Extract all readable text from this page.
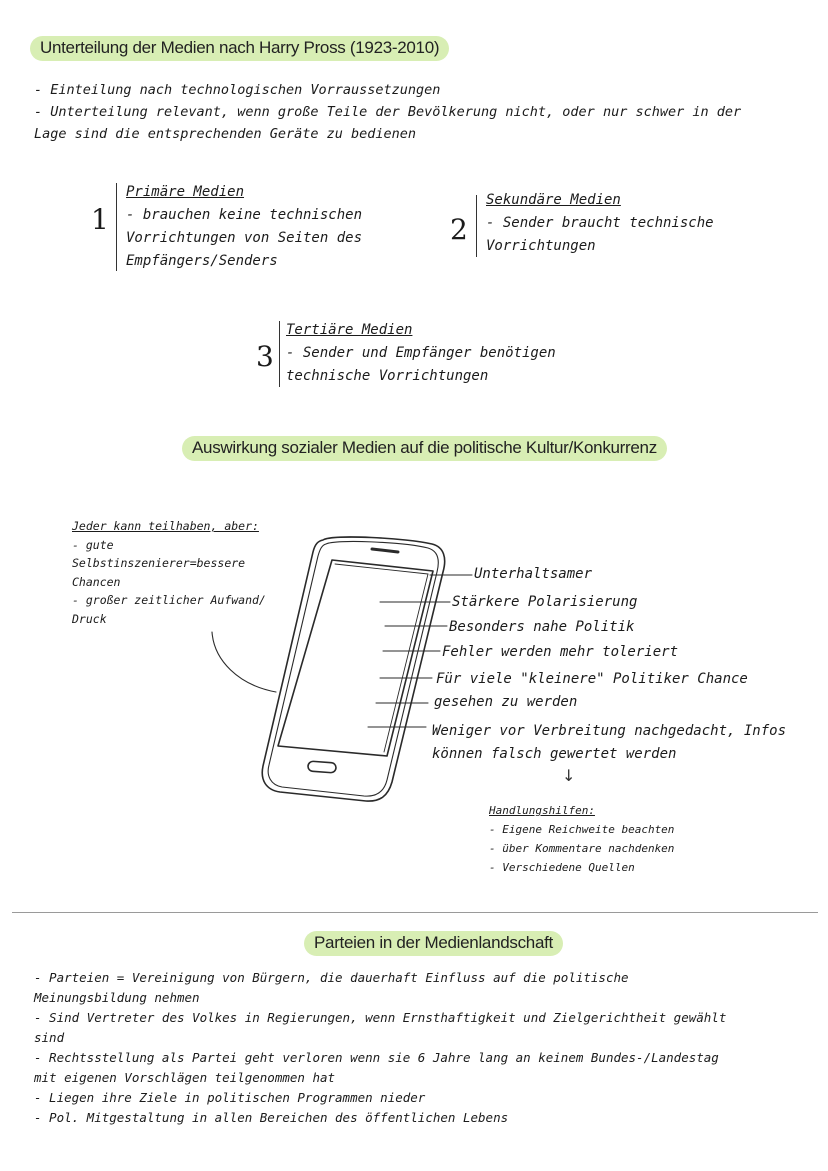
Unterteilung der Medien nach Harry Pross (1923-2010)
- Einteilung nach technologischen Vorraussetzungen
- Unterteilung relevant, wenn große Teile der Bevölkerung nicht, oder nur schwer in der
Lage sind die entsprechenden Geräte zu bedienen
1
Primäre Medien
- brauchen keine technischen
Vorrichtungen von Seiten des
Empfängers/Senders
2
Sekundäre Medien
- Sender braucht technische
Vorrichtungen
3
Tertiäre Medien
- Sender und Empfänger benötigen
technische Vorrichtungen
Auswirkung sozialer Medien auf die politische Kultur/Konkurrenz
Jeder kann teilhaben, aber:
- gute
Selbstinszenierer=bessere
Chancen
- großer zeitlicher Aufwand/
Druck
Unterhaltsamer
Stärkere Polarisierung
Besonders nahe Politik
Fehler werden mehr toleriert
Für viele "kleinere" Politiker Chance
gesehen zu werden
Weniger vor Verbreitung nachgedacht, Infos
können falsch gewertet werden
↓
Handlungshilfen:
- Eigene Reichweite beachten
- über Kommentare nachdenken
- Verschiedene Quellen
Parteien in der Medienlandschaft
- Parteien = Vereinigung von Bürgern, die dauerhaft Einfluss auf die politische
Meinungsbildung nehmen
- Sind Vertreter des Volkes in Regierungen, wenn Ernsthaftigkeit und Zielgerichtheit gewählt
sind
- Rechtsstellung als Partei geht verloren wenn sie 6 Jahre lang an keinem Bundes-/Landestag
mit eigenen Vorschlägen teilgenommen hat
- Liegen ihre Ziele in politischen Programmen nieder
- Pol. Mitgestaltung in allen Bereichen des öffentlichen Lebens
